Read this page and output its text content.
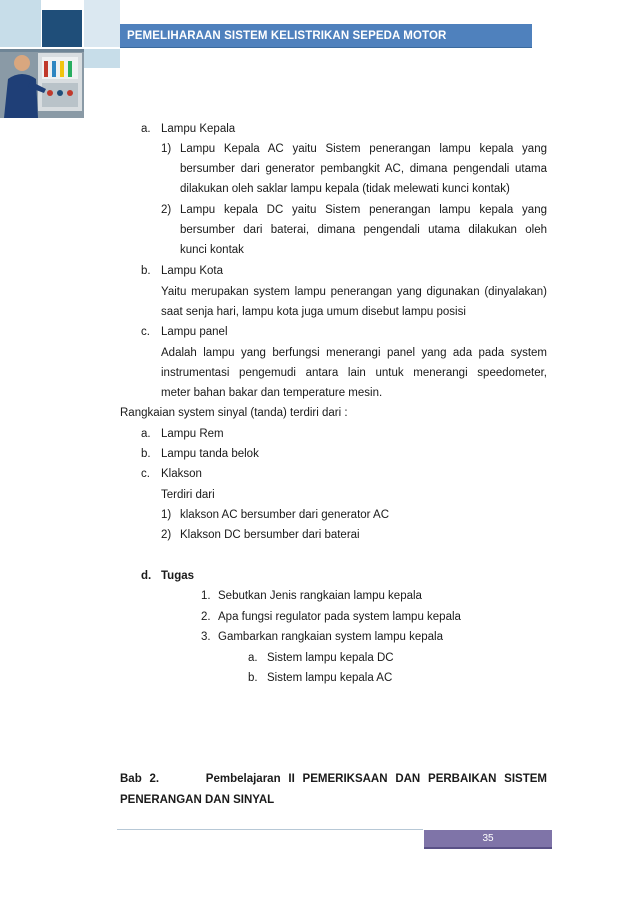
PEMELIHARAAN SISTEM KELISTRIKAN SEPEDA MOTOR
a. Lampu Kepala
1) Lampu Kepala AC yaitu Sistem penerangan lampu kepala yang
bersumber dari generator pembangkit AC, dimana pengendali utama
dilakukan oleh saklar lampu kepala (tidak melewati kunci kontak)
2) Lampu kepala DC yaitu Sistem penerangan lampu kepala yang
bersumber dari baterai, dimana pengendali utama dilakukan oleh
kunci kontak
b. Lampu Kota
Yaitu merupakan system lampu penerangan yang digunakan (dinyalakan)
saat senja hari, lampu kota juga umum disebut lampu posisi
c. Lampu panel
Adalah lampu yang berfungsi menerangi panel yang ada pada system
instrumentasi pengemudi antara lain untuk menerangi speedometer,
meter bahan bakar dan temperature mesin.
Rangkaian system sinyal (tanda) terdiri dari :
a. Lampu Rem
b. Lampu tanda belok
c. Klakson
Terdiri dari
1) klakson AC bersumber dari generator AC
2) Klakson DC bersumber dari baterai
d. Tugas
1. Sebutkan Jenis rangkaian lampu kepala
2. Apa fungsi regulator pada system lampu kepala
3. Gambarkan rangkaian system lampu kepala
a. Sistem lampu kepala DC
b. Sistem lampu kepala AC
Bab 2.      Pembelajaran II PEMERIKSAAN DAN PERBAIKAN SISTEM
PENERANGAN DAN SINYAL
35
